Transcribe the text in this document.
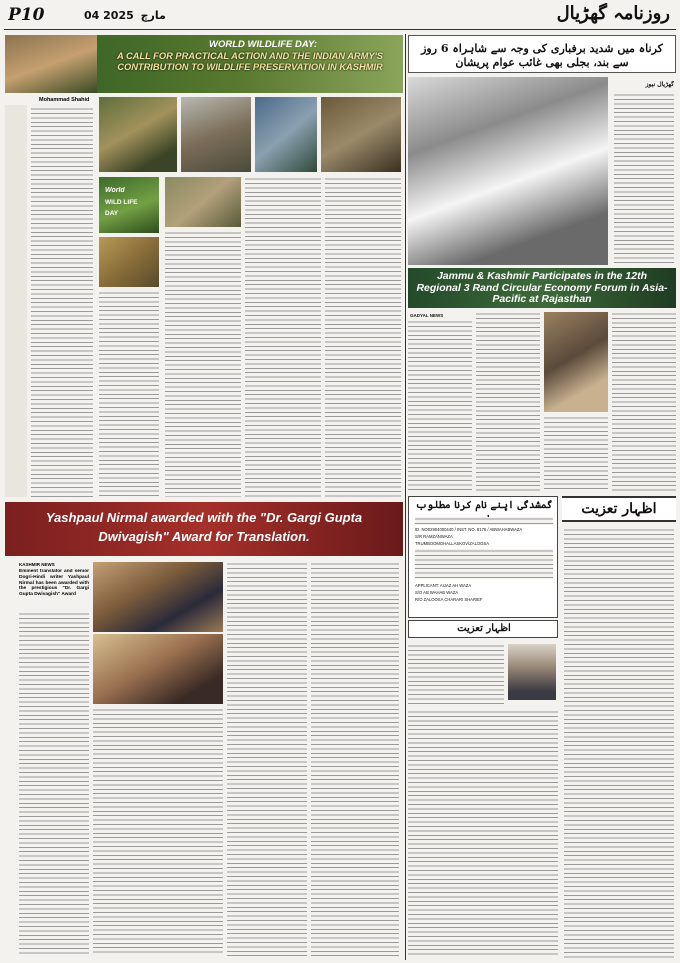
P10	04	مارچ 2025	روزنامہ گھڑیال
WORLD WILDLIFE DAY:
A CALL FOR PRACTICAL ACTION AND THE INDIAN ARMY'S CONTRIBUTION TO WILDLIFE PRESERVATION IN KASHMIR
Mohammad Shahid
World
WILD LIFE
DAY
Yashpaul Nirmal awarded with the "Dr. Gargi Gupta Dwivagish" Award for Translation.
KASHMIR NEWS
Eminent translator and senior Dogri-Hindi writer Yashpaul Nirmal has been awarded with the prestigious "Dr. Gargi Gupta Dwivagish" Award
کرناہ میں شدید برفباری کی وجہ سے شاہراہ 6 روز سے بند، بجلی بھی غائب عوام پریشان
گھڑیال نیوز
Jammu & Kashmir Participates in the 12th Regional 3 Rand Circular Economy Forum in Asia-Pacific at Rajasthan
GADYAL NEWS
گمشدگی اپنے نام کرنا مطلوب
ID. NO02904000440 / INST. NO. 8176 / ABWAHABWAZA
S/R RAMZANWAZA
TRUMBOOMOHALLASKOV/ZALOOSA
APPLICANT: AIJAZ AH WAZA
S/O AB WAHAB WAZA
R/O ZALOOSA CHARARI SHARIEF
اظہار تعزیت
اظہار تعزیت
